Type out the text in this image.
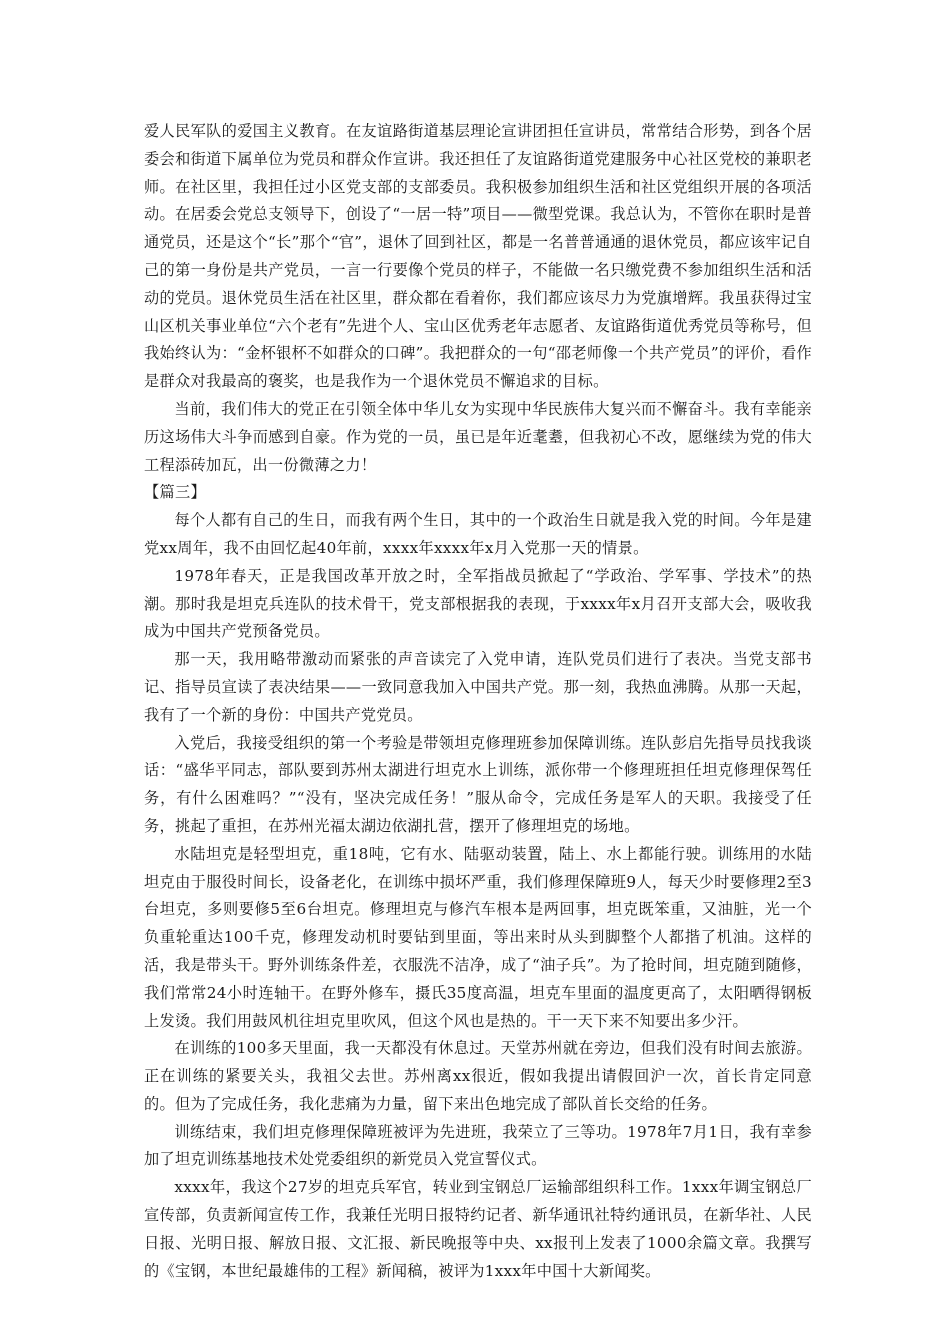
爱人民军队的爱国主义教育。在友谊路街道基层理论宣讲团担任宣讲员，常常结合形势，到各个居委会和街道下属单位为党员和群众作宣讲。我还担任了友谊路街道党建服务中心社区党校的兼职老师。在社区里，我担任过小区党支部的支部委员。我积极参加组织生活和社区党组织开展的各项活动。在居委会党总支领导下，创设了“一居一特”项目——微型党课。我总认为，不管你在职时是普通党员，还是这个“长”那个“官”，退休了回到社区，都是一名普普通通的退休党员，都应该牢记自己的第一身份是共产党员，一言一行要像个党员的样子，不能做一名只缴党费不参加组织生活和活动的党员。退休党员生活在社区里，群众都在看着你，我们都应该尽力为党旗增辉。我虽获得过宝山区机关事业单位“六个老有”先进个人、宝山区优秀老年志愿者、友谊路街道优秀党员等称号，但我始终认为：“金杯银杯不如群众的口碑”。我把群众的一句“邵老师像一个共产党员”的评价，看作是群众对我最高的褒奖，也是我作为一个退休党员不懈追求的目标。

当前，我们伟大的党正在引领全体中华儿女为实现中华民族伟大复兴而不懈奋斗。我有幸能亲历这场伟大斗争而感到自豪。作为党的一员，虽已是年近耄耋，但我初心不改，愿继续为党的伟大工程添砖加瓦，出一份微薄之力！

【篇三】

每个人都有自己的生日，而我有两个生日，其中的一个政治生日就是我入党的时间。今年是建党xx周年，我不由回忆起40年前，xxxx年xxxx年x月入党那一天的情景。

1978年春天，正是我国改革开放之时，全军指战员掀起了“学政治、学军事、学技术”的热潮。那时我是坦克兵连队的技术骨干，党支部根据我的表现，于xxxx年x月召开支部大会，吸收我成为中国共产党预备党员。

那一天，我用略带激动而紧张的声音读完了入党申请，连队党员们进行了表决。当党支部书记、指导员宣读了表决结果——一致同意我加入中国共产党。那一刻，我热血沸腾。从那一天起，我有了一个新的身份：中国共产党党员。

入党后，我接受组织的第一个考验是带领坦克修理班参加保障训练。连队彭启先指导员找我谈话：“盛华平同志，部队要到苏州太湖进行坦克水上训练，派你带一个修理班担任坦克修理保驾任务，有什么困难吗？”“没有，坚决完成任务！”服从命令，完成任务是军人的天职。我接受了任务，挑起了重担，在苏州光福太湖边依湖扎营，摆开了修理坦克的场地。

水陆坦克是轻型坦克，重18吨，它有水、陆驱动装置，陆上、水上都能行驶。训练用的水陆坦克由于服役时间长，设备老化，在训练中损坏严重，我们修理保障班9人，每天少时要修理2至3台坦克，多则要修5至6台坦克。修理坦克与修汽车根本是两回事，坦克既笨重，又油脏，光一个负重轮重达100千克，修理发动机时要钻到里面，等出来时从头到脚整个人都揩了机油。这样的活，我是带头干。野外训练条件差，衣服洗不洁净，成了“油子兵”。为了抢时间，坦克随到随修，我们常常24小时连轴干。在野外修车，摄氏35度高温，坦克车里面的温度更高了，太阳晒得钢板上发烫。我们用鼓风机往坦克里吹风，但这个风也是热的。干一天下来不知要出多少汗。

在训练的100多天里面，我一天都没有休息过。天堂苏州就在旁边，但我们没有时间去旅游。正在训练的紧要关头，我祖父去世。苏州离xx很近，假如我提出请假回沪一次，首长肯定同意的。但为了完成任务，我化悲痛为力量，留下来出色地完成了部队首长交给的任务。

训练结束，我们坦克修理保障班被评为先进班，我荣立了三等功。1978年7月1日，我有幸参加了坦克训练基地技术处党委组织的新党员入党宣誓仪式。

xxxx年，我这个27岁的坦克兵军官，转业到宝钢总厂运输部组织科工作。1xxx年调宝钢总厂宣传部，负责新闻宣传工作，我兼任光明日报特约记者、新华通讯社特约通讯员，在新华社、人民日报、光明日报、解放日报、文汇报、新民晚报等中央、xx报刊上发表了1000余篇文章。我撰写的《宝钢，本世纪最雄伟的工程》新闻稿，被评为1xxx年中国十大新闻奖。
